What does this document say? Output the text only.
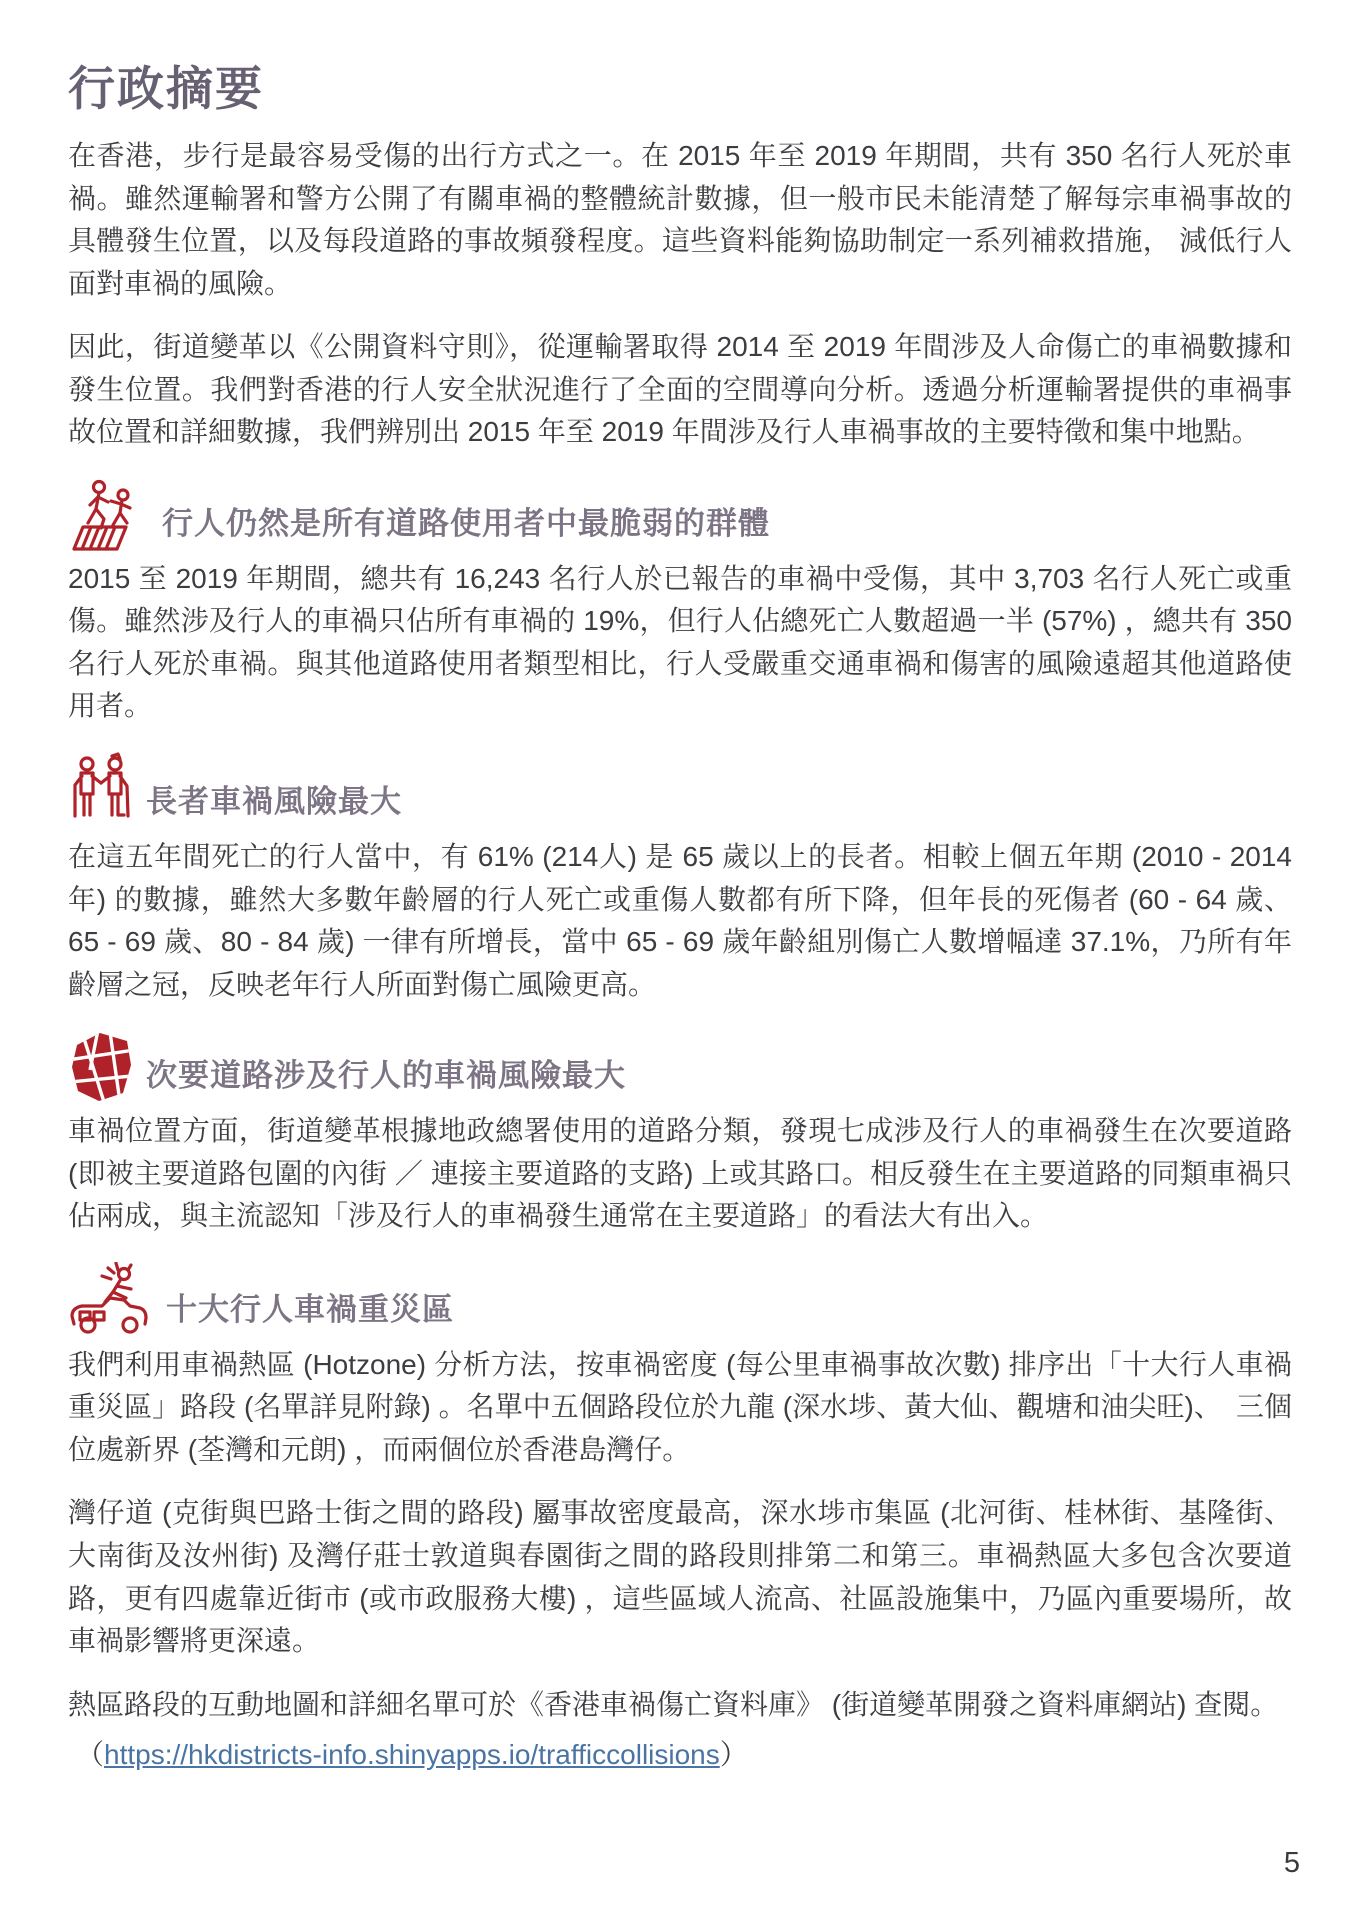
行政摘要

在香港，步行是最容易受傷的出行方式之一。在 2015 年至 2019 年期間，共有 350 名行人死於車禍。雖然運輸署和警方公開了有關車禍的整體統計數據，但一般市民未能清楚了解每宗車禍事故的具體發生位置，以及每段道路的事故頻發程度。這些資料能夠協助制定一系列補救措施， 減低行人面對車禍的風險。

因此，街道變革以《公開資料守則》，從運輸署取得 2014 至 2019 年間涉及人命傷亡的車禍數據和發生位置。我們對香港的行人安全狀況進行了全面的空間導向分析。透過分析運輸署提供的車禍事故位置和詳細數據，我們辨別出 2015 年至 2019 年間涉及行人車禍事故的主要特徵和集中地點。

行人仍然是所有道路使用者中最脆弱的群體

2015 至 2019 年期間，總共有 16,243 名行人於已報告的車禍中受傷，其中 3,703 名行人死亡或重傷。雖然涉及行人的車禍只佔所有車禍的 19%，但行人佔總死亡人數超過一半 (57%) ，總共有 350 名行人死於車禍。與其他道路使用者類型相比，行人受嚴重交通車禍和傷害的風險遠超其他道路使用者。

長者車禍風險最大

在這五年間死亡的行人當中，有 61% (214人) 是 65 歲以上的長者。相較上個五年期 (2010 - 2014 年) 的數據，雖然大多數年齡層的行人死亡或重傷人數都有所下降，但年長的死傷者 (60 - 64 歲、65 - 69 歲、80 - 84 歲) 一律有所增長，當中 65 - 69 歲年齡組別傷亡人數增幅達 37.1%，乃所有年齡層之冠，反映老年行人所面對傷亡風險更高。

次要道路涉及行人的車禍風險最大

車禍位置方面，街道變革根據地政總署使用的道路分類，發現七成涉及行人的車禍發生在次要道路 (即被主要道路包圍的內街 ／ 連接主要道路的支路) 上或其路口。相反發生在主要道路的同類車禍只佔兩成，與主流認知「涉及行人的車禍發生通常在主要道路」的看法大有出入。

十大行人車禍重災區

我們利用車禍熱區 (Hotzone) 分析方法，按車禍密度 (每公里車禍事故次數) 排序出「十大行人車禍重災區」路段 (名單詳見附錄) 。名單中五個路段位於九龍 (深水埗、黃大仙、觀塘和油尖旺)、　三個位處新界 (荃灣和元朗) ，而兩個位於香港島灣仔。

灣仔道 (克街與巴路士街之間的路段) 屬事故密度最高，深水埗市集區 (北河街、桂林街、基隆街、大南街及汝州街) 及灣仔莊士敦道與春園街之間的路段則排第二和第三。車禍熱區大多包含次要道路，更有四處靠近街市 (或市政服務大樓) ，這些區域人流高、社區設施集中，乃區內重要場所，故車禍影響將更深遠。

熱區路段的互動地圖和詳細名單可於《香港車禍傷亡資料庫》 (街道變革開發之資料庫網站) 查閱。

（https://hkdistricts-info.shinyapps.io/trafficcollisions）
5
